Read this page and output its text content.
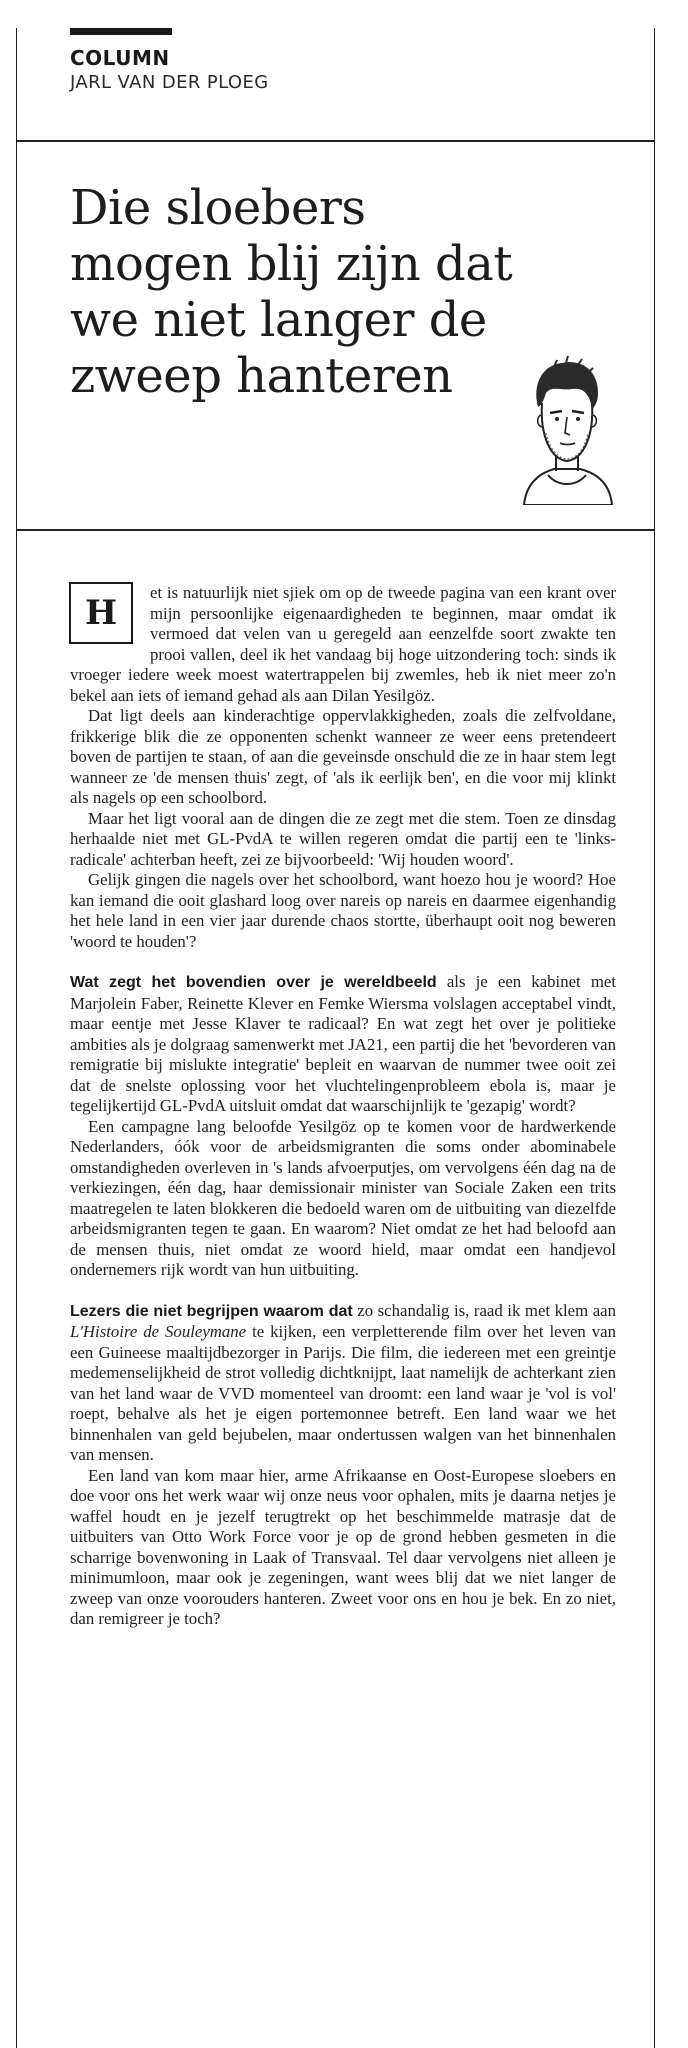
COLUMN
JARL VAN DER PLOEG
Die sloebers mogen blij zijn dat we niet langer de zweep hanteren
H

et is natuurlijk niet sjiek om op de tweede pagina van een krant over mijn persoonlijke eigenaardigheden te beginnen, maar omdat ik vermoed dat velen van u geregeld aan eenzelfde soort zwakte ten prooi vallen, deel ik het vandaag bij hoge uitzondering toch: sinds ik vroeger iedere week moest watertrappelen bij zwemles, heb ik niet meer zo'n bekel aan iets of iemand gehad als aan Dilan Yesilgöz.

Dat ligt deels aan kinderachtige oppervlakkigheden, zoals die zelfvoldane, frikkerige blik die ze opponenten schenkt wanneer ze weer eens pretendeert boven de partijen te staan, of aan die geveinsde onschuld die ze in haar stem legt wanneer ze 'de mensen thuis' zegt, of 'als ik eerlijk ben', en die voor mij klinkt als nagels op een schoolbord.

Maar het ligt vooral aan de dingen die ze zegt met die stem. Toen ze dinsdag herhaalde niet met GL-PvdA te willen regeren omdat die partij een te 'links-radicale' achterban heeft, zei ze bijvoorbeeld: 'Wij houden woord'.

Gelijk gingen die nagels over het schoolbord, want hoezo hou je woord? Hoe kan iemand die ooit glashard loog over nareis op nareis en daarmee eigenhandig het hele land in een vier jaar durende chaos stortte, überhaupt ooit nog beweren 'woord te houden'?

Wat zegt het bovendien over je wereldbeeld als je een kabinet met Marjolein Faber, Reinette Klever en Femke Wiersma volslagen acceptabel vindt, maar eentje met Jesse Klaver te radicaal? En wat zegt het over je politieke ambities als je dolgraag samenwerkt met JA21, een partij die het 'bevorderen van remigratie bij mislukte integratie' bepleit en waarvan de nummer twee ooit zei dat de snelste oplossing voor het vluchtelingenprobleem ebola is, maar je tegelijkertijd GL-PvdA uitsluit omdat dat waarschijnlijk te 'gezapig' wordt?

Een campagne lang beloofde Yesilgöz op te komen voor de hardwerkende Nederlanders, óók voor de arbeidsmigranten die soms onder abominabele omstandigheden overleven in 's lands afvoerputjes, om vervolgens één dag na de verkiezingen, één dag, haar demissionair minister van Sociale Zaken een trits maatregelen te laten blokkeren die bedoeld waren om de uitbuiting van diezelfde arbeidsmigranten tegen te gaan. En waarom? Niet omdat ze het had beloofd aan de mensen thuis, niet omdat ze woord hield, maar omdat een handjevol ondernemers rijk wordt van hun uitbuiting.

Lezers die niet begrijpen waarom dat zo schandalig is, raad ik met klem aan L'Histoire de Souleymane te kijken, een verpletterende film over het leven van een Guineese maaltijdbezorger in Parijs. Die film, die iedereen met een greintje medemenselijkheid de strot volledig dichtknijpt, laat namelijk de achterkant zien van het land waar de VVD momenteel van droomt: een land waar je 'vol is vol' roept, behalve als het je eigen portemonnee betreft. Een land waar we het binnenhalen van geld bejubelen, maar ondertussen walgen van het binnenhalen van mensen.

Een land van kom maar hier, arme Afrikaanse en Oost-Europese sloebers en doe voor ons het werk waar wij onze neus voor ophalen, mits je daarna netjes je waffel houdt en je jezelf terugtrekt op het beschimmelde matrasje dat de uitbuiters van Otto Work Force voor je op de grond hebben gesmeten in die scharrige bovenwoning in Laak of Transvaal. Tel daar vervolgens niet alleen je minimumloon, maar ook je zegeningen, want wees blij dat we niet langer de zweep van onze voorouders hanteren. Zweet voor ons en hou je bek. En zo niet, dan remigreer je toch?
